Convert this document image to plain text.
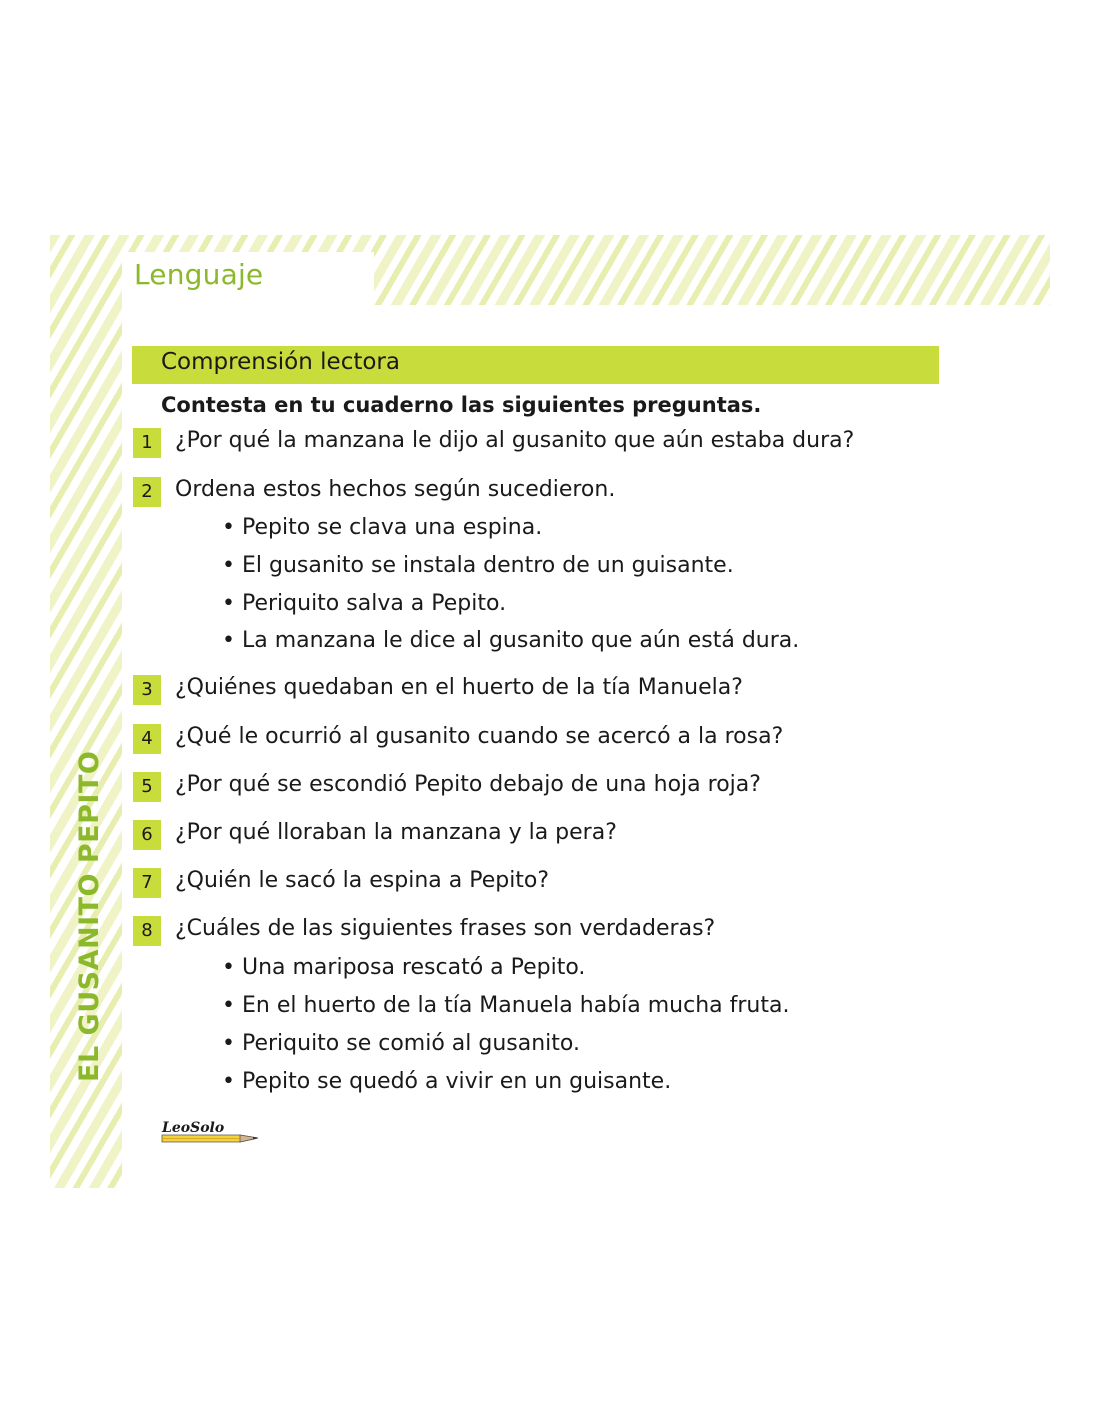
Lenguaje
Comprensión lectora
Contesta en tu cuaderno las siguientes preguntas.
1	¿Por qué la manzana le dijo al gusanito que aún estaba dura?
2	Ordena estos hechos según sucedieron.
• Pepito se clava una espina.
• El gusanito se instala dentro de un guisante.
• Periquito salva a Pepito.
• La manzana le dice al gusanito que aún está dura.
3	¿Quiénes quedaban en el huerto de la tía Manuela?
4	¿Qué le ocurrió al gusanito cuando se acercó a la rosa?
5	¿Por qué se escondió Pepito debajo de una hoja roja?
6	¿Por qué lloraban la manzana y la pera?
7	¿Quién le sacó la espina a Pepito?
8	¿Cuáles de las siguientes frases son verdaderas?
• Una mariposa rescató a Pepito.
• En el huerto de la tía Manuela había mucha fruta.
• Periquito se comió al gusanito.
• Pepito se quedó a vivir en un guisante.
EL GUSANITO PEPITO
LeoSolo
